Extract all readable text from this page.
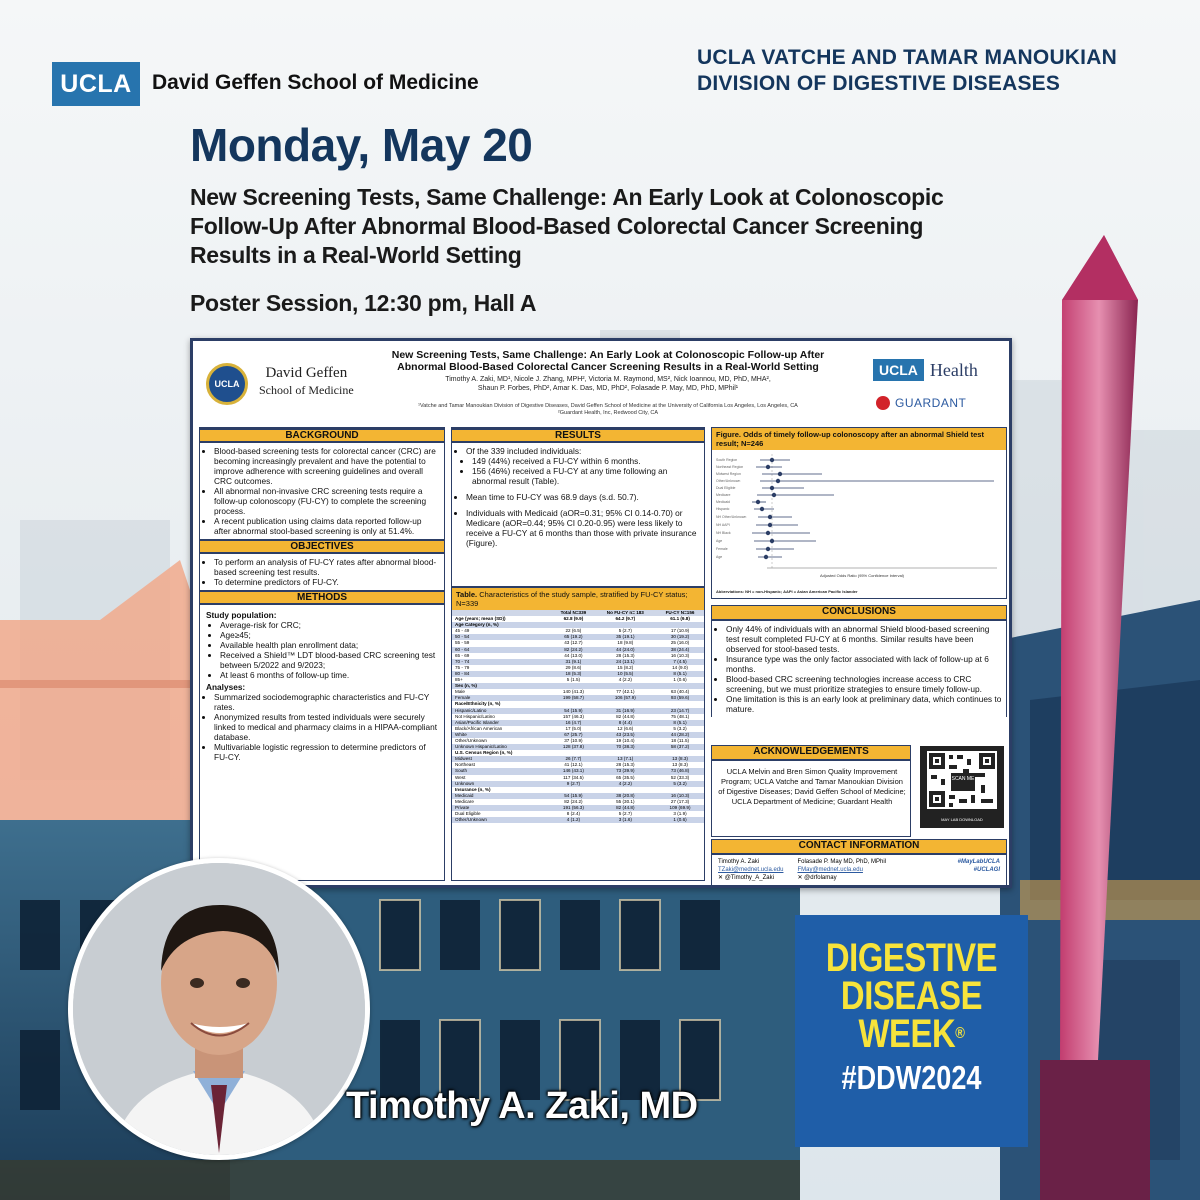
UCLA David Geffen School of Medicine
UCLA VATCHE AND TAMAR MANOUKIAN
DIVISION OF DIGESTIVE DISEASES
Monday, May 20
New Screening Tests, Same Challenge: An Early Look at Colonoscopic
Follow-Up After Abnormal Blood-Based Colorectal Cancer Screening
Results in a Real-World Setting
Poster Session, 12:30 pm, Hall A
UCLA
David Geffen
School of Medicine
New Screening Tests, Same Challenge: An Early Look at Colonoscopic Follow-up After
Abnormal Blood-Based Colorectal Cancer Screening Results in a Real-World Setting
Timothy A. Zaki, MD¹, Nicole J. Zhang, MPH², Victoria M. Raymond, MS², Nick Ioannou, MD, PhD, MHA²,
Shaun P. Forbes, PhD², Amar K. Das, MD, PhD², Folasade P. May, MD, PhD, MPhil¹
¹Vatche and Tamar Manoukian Division of Digestive Diseases, David Geffen School of Medicine at the University of California Los Angeles, Los Angeles, CA
²Guardant Health, Inc, Redwood City, CA
UCLA Health
GUARDANT
BACKGROUND
• Blood-based screening tests for colorectal cancer (CRC) are becoming increasingly prevalent and have the potential to improve adherence with screening guidelines and overall CRC outcomes.
• All abnormal non-invasive CRC screening tests require a follow-up colonoscopy (FU-CY) to complete the screening process.
• A recent publication using claims data reported follow-up after abnormal stool-based screening is only at 51.4%.
OBJECTIVES
• To perform an analysis of FU-CY rates after abnormal blood-based screening test results.
• To determine predictors of FU-CY.
METHODS
Study population:
• Average-risk for CRC;
• Age≥45;
• Available health plan enrollment data;
• Received a Shield™ LDT blood-based CRC screening test between 5/2022 and 9/2023;
• At least 6 months of follow-up time.
Analyses:
• Summarized sociodemographic characteristics and FU-CY rates.
• Anonymized results from tested individuals were securely linked to medical and pharmacy claims in a HIPAA-compliant database.
• Multivariable logistic regression to determine predictors of FU-CY.
RESULTS
• Of the 339 included individuals:
• 149 (44%) received a FU-CY within 6 months.
• 156 (46%) received a FU-CY at any time following an abnormal result (Table).
• Mean time to FU-CY was 68.9 days (s.d. 50.7).
• Individuals with Medicaid (aOR=0.31; 95% CI 0.14-0.70) or Medicare (aOR=0.44; 95% CI 0.20-0.95) were less likely to receive a FU-CY at 6 months than those with private insurance (Figure).
Table. Characteristics of the study sample, stratified by FU-CY status; N=339
	Total N=339	No FU-CY n= 183	FU-CY N=156
Age (years; mean (SD))	62.8 (9.9)	64.2 (9.7)	61.1 (9.8)
Age Category (n, %)			
45 - 49	22 (6.5)	5 (2.7)	17 (10.9)
50 - 54	65 (19.2)	35 (19.1)	30 (19.2)
55 - 59	43 (12.7)	18 (9.8)	25 (16.0)
60 - 64	82 (24.2)	44 (24.0)	38 (24.4)
65 - 69	44 (13.0)	28 (15.3)	16 (10.3)
70 - 74	31 (9.1)	24 (13.1)	7 (4.5)
75 - 79	29 (8.6)	15 (8.2)	14 (9.0)
80 - 84	18 (5.3)	10 (5.5)	8 (5.1)
85+	5 (1.5)	4 (2.2)	1 (0.6)
Sex (n, %)			
Male	140 (41.3)	77 (42.1)	63 (40.4)
Female	199 (58.7)	106 (57.9)	93 (59.6)
Race/Ethnicity (n, %)			
Hispanic/Latino	54 (15.9)	31 (16.9)	23 (14.7)
Not Hispanic/Latino	157 (46.3)	82 (44.8)	75 (48.1)
Asian/Pacific Islander	16 (4.7)	8 (4.4)	8 (5.1)
Black/African American	17 (5.0)	12 (6.6)	5 (3.2)
White	67 (25.7)	43 (23.5)	44 (28.2)
Other/Unknown	37 (10.9)	19 (10.4)	18 (11.5)
Unknown Hispanic/Latino	128 (37.8)	70 (38.3)	58 (37.2)
U.S. Census Region (n, %)			
Midwest	26 (7.7)	13 (7.1)	13 (8.3)
Northeast	41 (12.1)	28 (15.3)	13 (8.3)
South	146 (43.1)	73 (39.9)	73 (46.8)
West	117 (34.5)	65 (35.5)	52 (33.3)
Unknown	9 (2.7)	4 (2.2)	5 (3.2)
Insurance (n, %)			
Medicaid	54 (15.9)	38 (20.8)	16 (10.3)
Medicare	82 (24.2)	55 (30.1)	27 (17.3)
Private	191 (56.3)	82 (44.8)	109 (69.9)
Dual Eligible	8 (2.4)	5 (2.7)	3 (1.9)
Other/Unknown	4 (1.2)	3 (1.6)	1 (0.6)
Figure. Odds of timely follow-up colonoscopy after an abnormal Shield test result; N=246
South Region
Northeast Region
Midwest Region
Other/Unknown
Dual Eligible
Medicare
Medicaid
Hispanic
NH Other/Unknown
NH AAPI
NH Black
Age
Female
Age
Adjusted Odds Ratio (95% Confidence Interval)
Abbreviations: NH = non-Hispanic; AAPI = Asian American Pacific Islander
CONCLUSIONS
• Only 44% of individuals with an abnormal Shield blood-based screening test result completed FU-CY at 6 months. Similar results have been observed for stool-based tests.
• Insurance type was the only factor associated with lack of follow-up at 6 months.
• Blood-based CRC screening technologies increase access to CRC screening, but we must prioritize strategies to ensure timely follow-up.
• One limitation is this is an early look at preliminary data, which continues to mature.
ACKNOWLEDGEMENTS
UCLA Melvin and Bren Simon Quality Improvement Program; UCLA Vatche and Tamar Manoukian Division of Digestive Diseases; David Geffen School of Medicine; UCLA Department of Medicine; Guardant Health
SCAN ME
MAY LAB DOWNLOAD
CONTACT INFORMATION
Timothy A. Zaki
TZaki@mednet.ucla.edu
✕ @Timothy_A_Zaki
Folasade P. May MD, PhD, MPhil
FMay@mednet.ucla.edu
✕ @drfolamay
#MayLabUCLA
#UCLAGI
Timothy A. Zaki, MD
DIGESTIVE
DISEASE
WEEK®
#DDW2024
